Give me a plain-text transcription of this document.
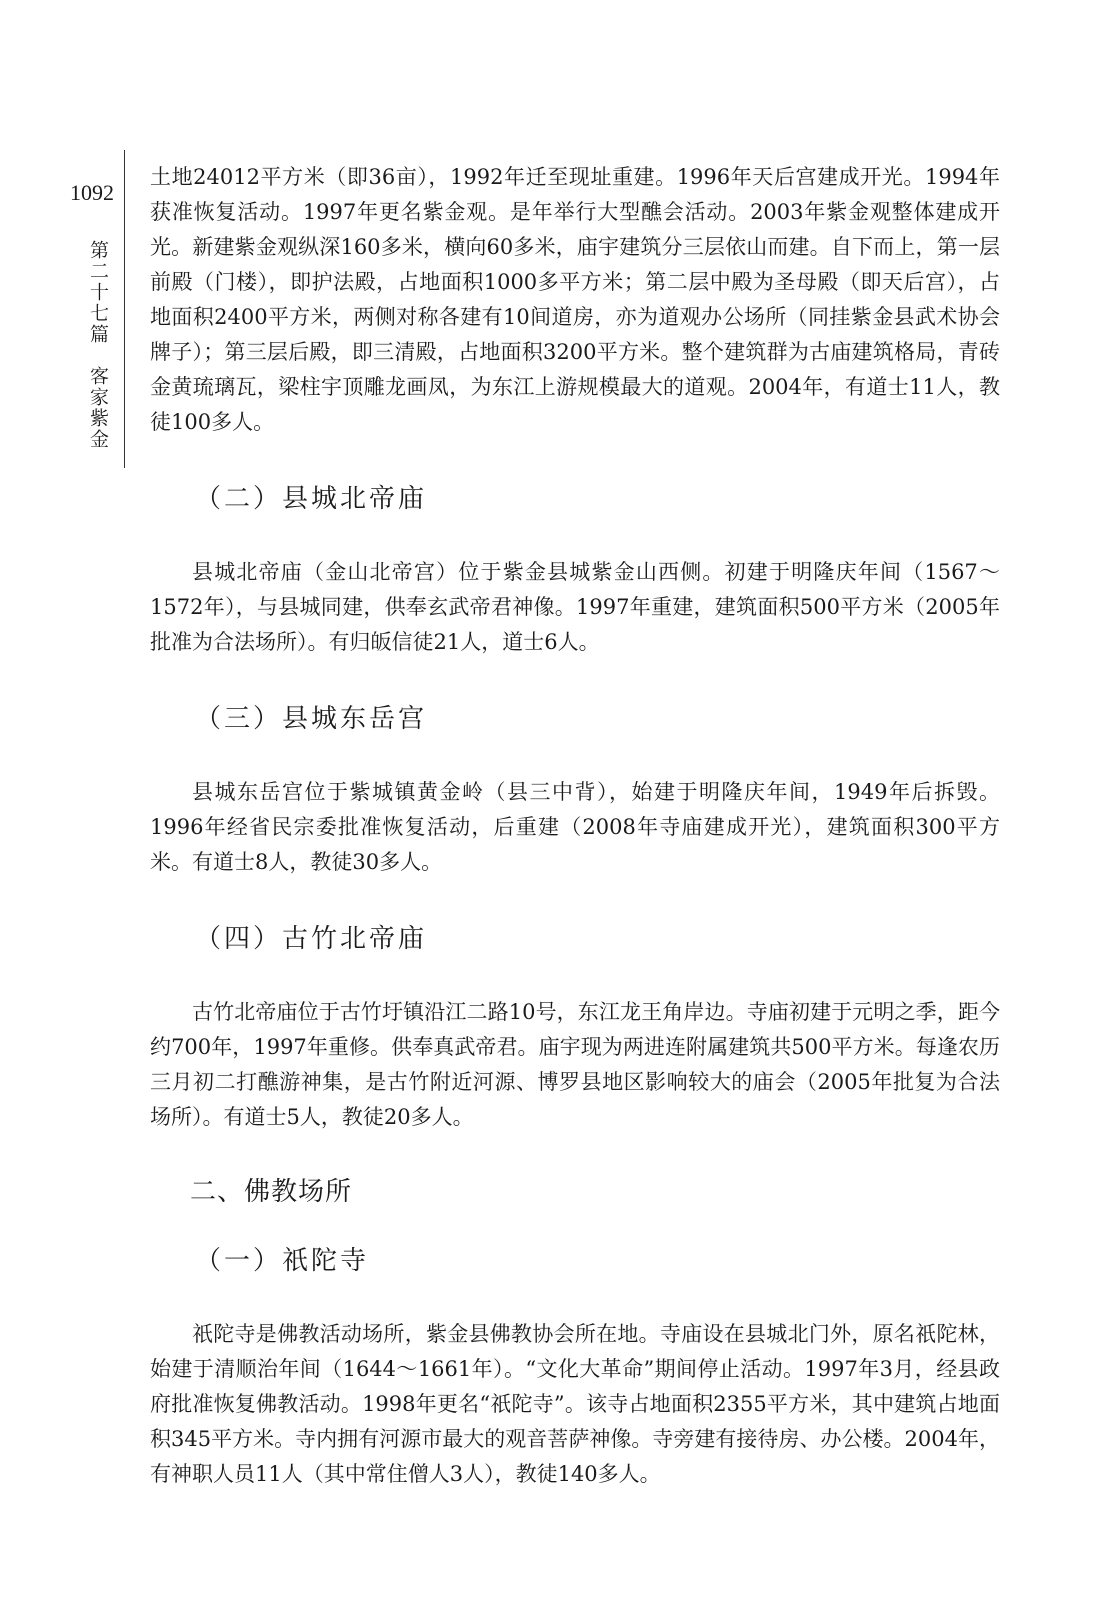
1092
第二十七篇　客家紫金

土地24012平方米（即36亩），1992年迁至现址重建。1996年天后宫建成开光。1994年获准恢复活动。1997年更名紫金观。是年举行大型醮会活动。2003年紫金观整体建成开光。新建紫金观纵深160多米，横向60多米，庙宇建筑分三层依山而建。自下而上，第一层前殿（门楼），即护法殿，占地面积1000多平方米；第二层中殿为圣母殿（即天后宫），占地面积2400平方米，两侧对称各建有10间道房，亦为道观办公场所（同挂紫金县武术协会牌子）；第三层后殿，即三清殿，占地面积3200平方米。整个建筑群为古庙建筑格局，青砖金黄琉璃瓦，梁柱宇顶雕龙画凤，为东江上游规模最大的道观。2004年，有道士11人，教徒100多人。

（二）县城北帝庙

县城北帝庙（金山北帝宫）位于紫金县城紫金山西侧。初建于明隆庆年间（1567～1572年），与县城同建，供奉玄武帝君神像。1997年重建，建筑面积500平方米（2005年批准为合法场所）。有归皈信徒21人，道士6人。

（三）县城东岳宫

县城东岳宫位于紫城镇黄金岭（县三中背），始建于明隆庆年间，1949年后拆毁。1996年经省民宗委批准恢复活动，后重建（2008年寺庙建成开光），建筑面积300平方米。有道士8人，教徒30多人。

（四）古竹北帝庙

古竹北帝庙位于古竹圩镇沿江二路10号，东江龙王角岸边。寺庙初建于元明之季，距今约700年，1997年重修。供奉真武帝君。庙宇现为两进连附属建筑共500平方米。每逢农历三月初二打醮游神集，是古竹附近河源、博罗县地区影响较大的庙会（2005年批复为合法场所）。有道士5人，教徒20多人。

二、佛教场所
（一）祇陀寺

祇陀寺是佛教活动场所，紫金县佛教协会所在地。寺庙设在县城北门外，原名祇陀林，始建于清顺治年间（1644～1661年）。“文化大革命”期间停止活动。1997年3月，经县政府批准恢复佛教活动。1998年更名“祇陀寺”。该寺占地面积2355平方米，其中建筑占地面积345平方米。寺内拥有河源市最大的观音菩萨神像。寺旁建有接待房、办公楼。2004年，有神职人员11人（其中常住僧人3人），教徒140多人。
